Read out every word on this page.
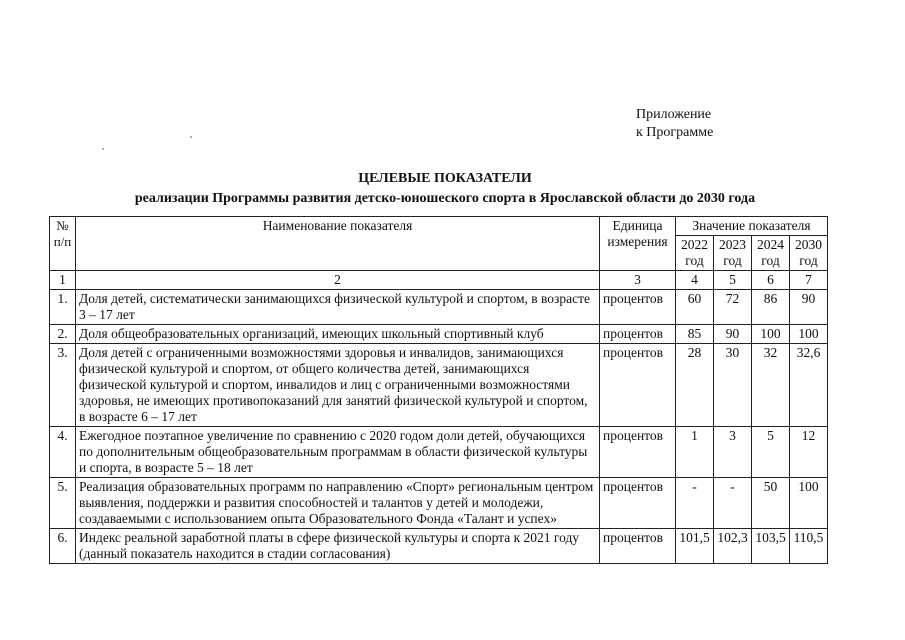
Приложение
к Программе
ЦЕЛЕВЫЕ ПОКАЗАТЕЛИ
реализации Программы развития детско-юношеского спорта в Ярославской области до 2030 года
№ п/п	Наименование показателя	Единица измерения	Значение показателя			
			2022 год	2023 год	2024 год	2030 год
1	2	3	4	5	6	7
1.	Доля детей, систематически занимающихся физической культурой и спортом, в возрасте 3 – 17 лет	процентов	60	72	86	90
2.	Доля общеобразовательных организаций, имеющих школьный спортивный клуб	процентов	85	90	100	100
3.	Доля детей с ограниченными возможностями здоровья и инвалидов, занимающихся физической культурой и спортом, от общего количества детей, занимающихся физической культурой и спортом, инвалидов и лиц с ограниченными возможностями здоровья, не имеющих противопоказаний для занятий физической культурой и спортом, в возрасте 6 – 17 лет	процентов	28	30	32	32,6
4.	Ежегодное поэтапное увеличение по сравнению с 2020 годом доли детей, обучающихся по дополнительным общеобразовательным программам в области физической культуры и спорта, в возрасте 5 – 18 лет	процентов	1	3	5	12
5.	Реализация образовательных программ по направлению «Спорт» региональным центром выявления, поддержки и развития способностей и талантов у детей и молодежи, создаваемыми с использованием опыта Образовательного Фонда «Талант и успех»	процентов	-	-	50	100
6.	Индекс реальной заработной платы в сфере физической культуры и спорта к 2021 году (данный показатель находится в стадии согласования)	процентов	101,5	102,3	103,5	110,5
